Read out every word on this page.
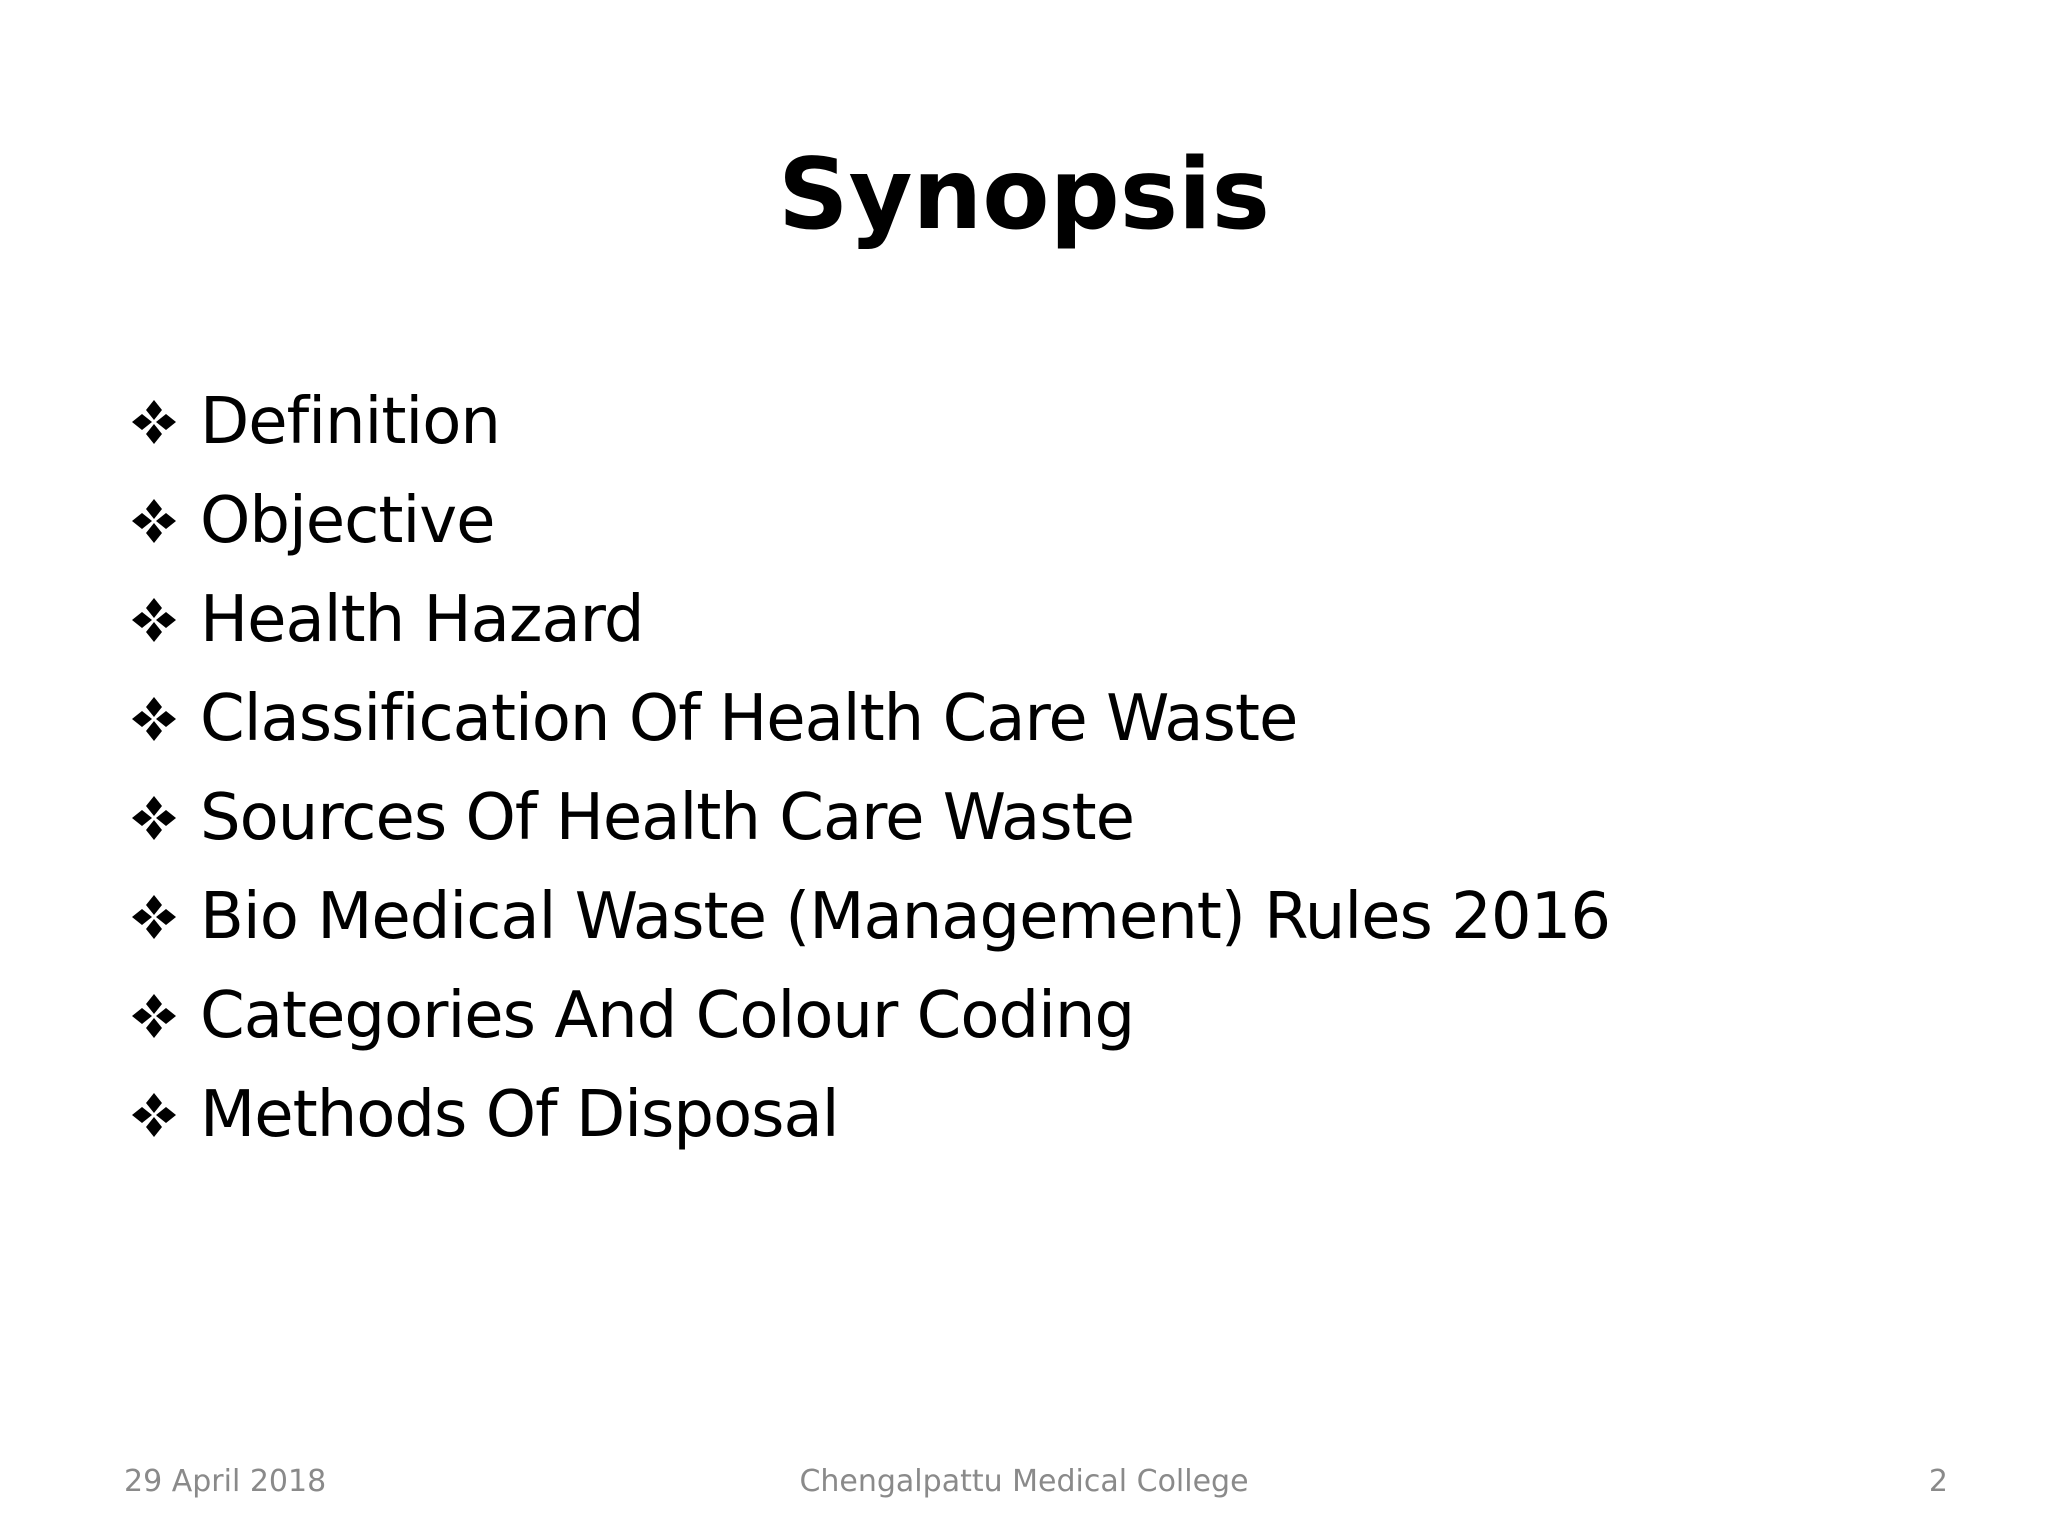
Synopsis
Definition
Objective
Health Hazard
Classification Of Health Care Waste
Sources Of Health Care Waste
Bio Medical Waste (Management) Rules 2016
Categories And Colour Coding
Methods Of Disposal
29 April 2018	Chengalpattu Medical College	2
